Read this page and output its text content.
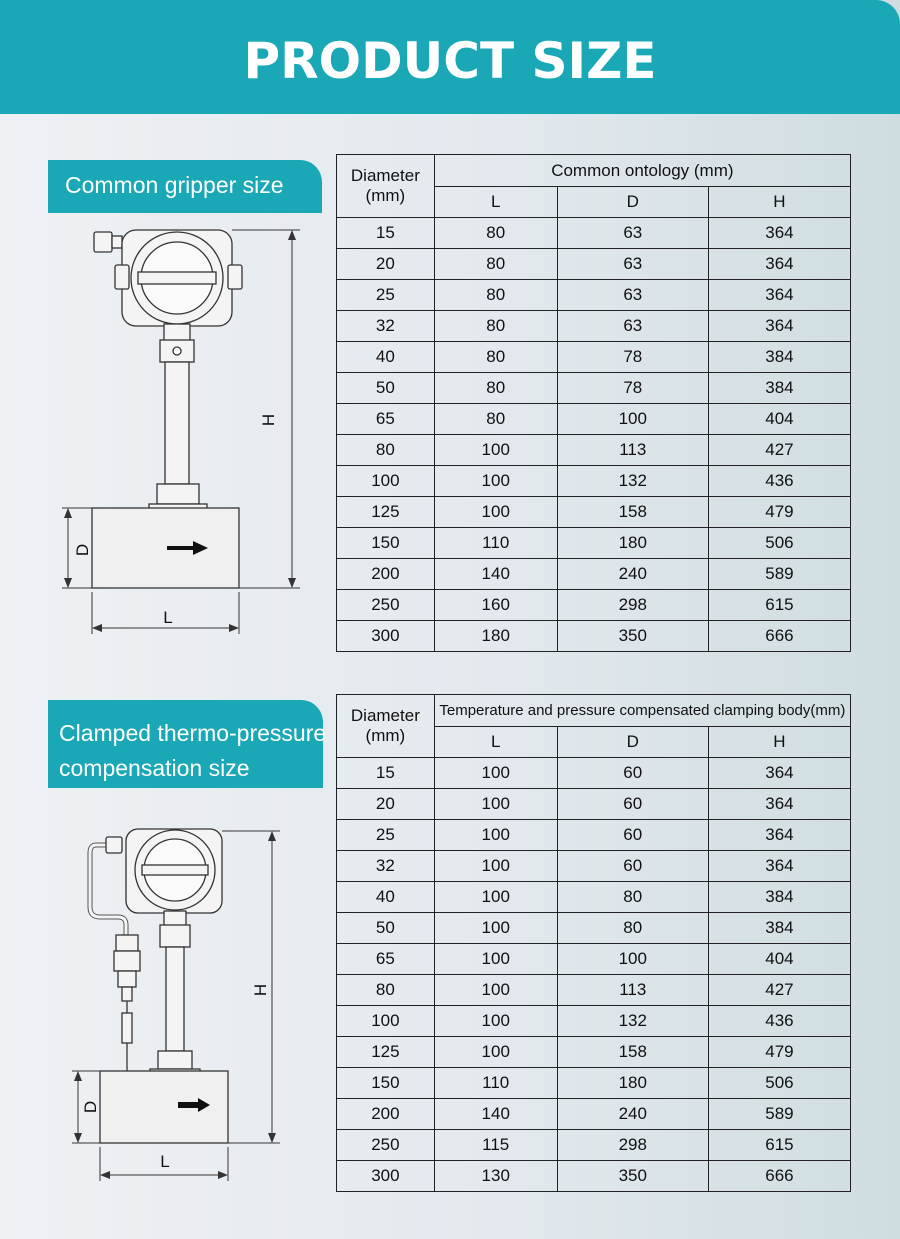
PRODUCT SIZE
Common gripper size
H
D
L
Diameter (mm)	Common ontology (mm)		
	L	D	H
15	80	63	364
20	80	63	364
25	80	63	364
32	80	63	364
40	80	78	384
50	80	78	384
65	80	100	404
80	100	113	427
100	100	132	436
125	100	158	479
150	110	180	506
200	140	240	589
250	160	298	615
300	180	350	666
Clamped thermo-pressure
compensation size
H
D
L
Diameter (mm)	Temperature and pressure compensated clamping body(mm)		
	L	D	H
15	100	60	364
20	100	60	364
25	100	60	364
32	100	60	364
40	100	80	384
50	100	80	384
65	100	100	404
80	100	113	427
100	100	132	436
125	100	158	479
150	110	180	506
200	140	240	589
250	115	298	615
300	130	350	666
